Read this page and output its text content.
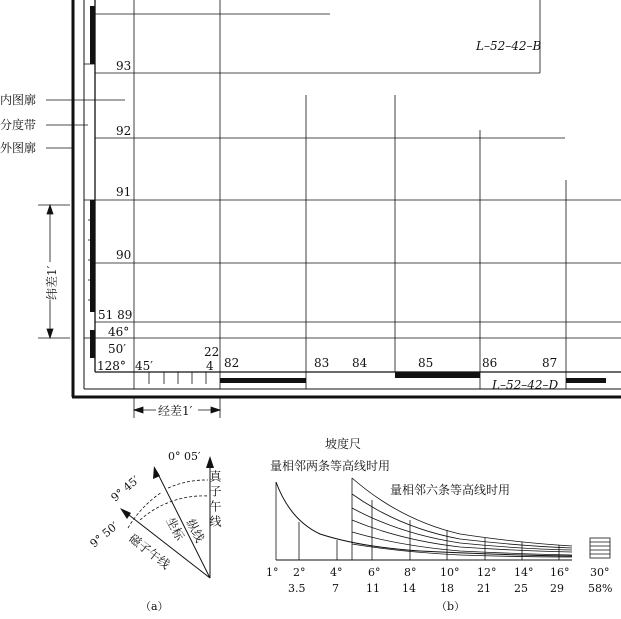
L–52–42–B
L–52–42–D
93
92
91
90
51 89
82	83 84	85	86	87
46°
50′
128° 45′
22
4
内图廓
分度带
外图廓
纬差1′
经差1′
0° 05′
9° 45′
9° 50′
真子午线
纵线
坐标
磁子午线
（a）
坡度尺
量相邻两条等高线时用
量相邻六条等高线时用
1° 2° 4° 6° 8° 10° 12° 14° 16° 30°
3.5 7 11 14 18 21 25 29 58%
（b）
